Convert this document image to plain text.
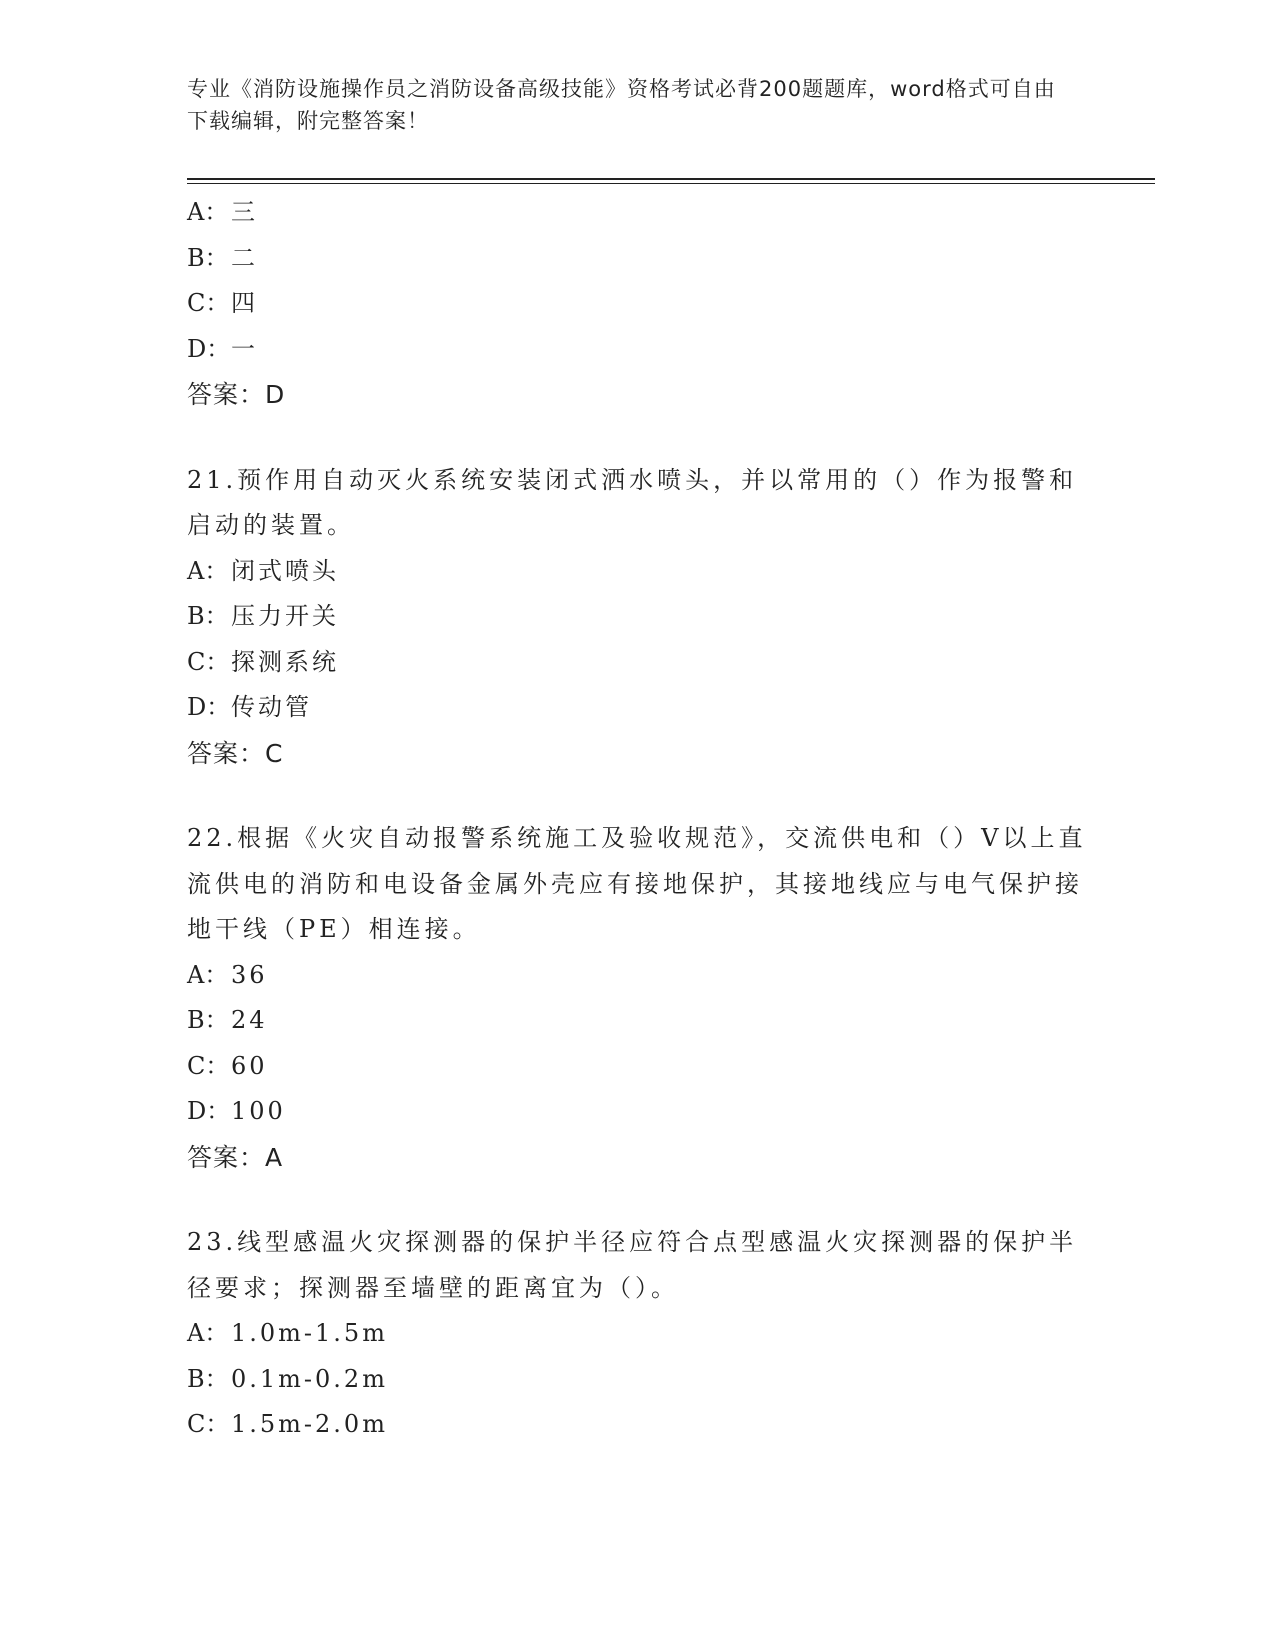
专业《消防设施操作员之消防设备高级技能》资格考试必背200题题库，word格式可自由下载编辑，附完整答案！
A： 三
B：二
C：四
D：一
答案：D
21.预作用自动灭火系统安装闭式洒水喷头，并以常用的（）作为报警和启动的装置。
A： 闭式喷头
B：压力开关
C：探测系统
D：传动管
答案：C
22.根据《火灾自动报警系统施工及验收规范》，交流供电和（）V以上直流供电的消防和电设备金属外壳应有接地保护，其接地线应与电气保护接地干线（PE）相连接。
A： 36
B：24
C：60
D：100
答案：A
23.线型感温火灾探测器的保护半径应符合点型感温火灾探测器的保护半径要求；探测器至墙壁的距离宜为（）。
A： 1.0m-1.5m
B：0.1m-0.2m
C：1.5m-2.0m
